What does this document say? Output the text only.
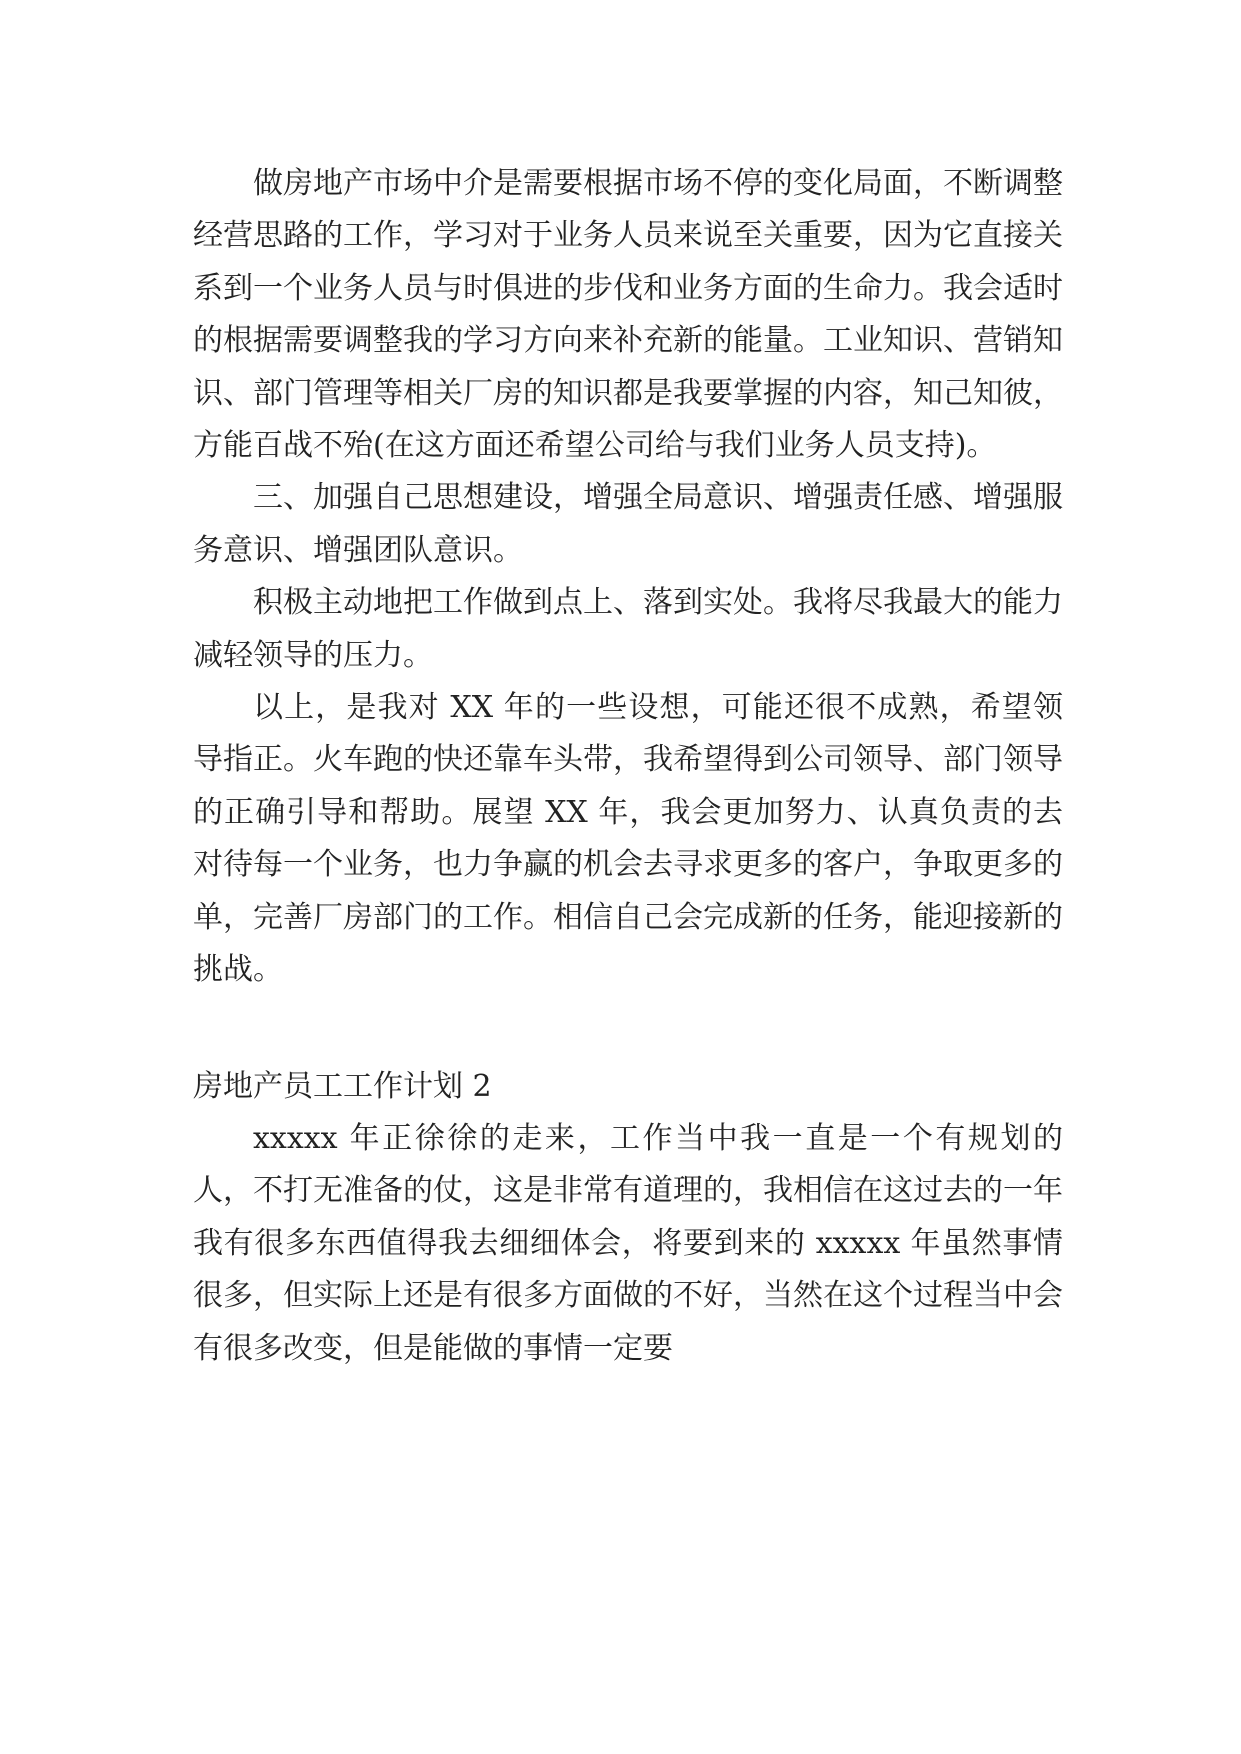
做房地产市场中介是需要根据市场不停的变化局面，不断调整经营思路的工作，学习对于业务人员来说至关重要，因为它直接关系到一个业务人员与时俱进的步伐和业务方面的生命力。我会适时的根据需要调整我的学习方向来补充新的能量。工业知识、营销知识、部门管理等相关厂房的知识都是我要掌握的内容，知己知彼，方能百战不殆(在这方面还希望公司给与我们业务人员支持)。

三、加强自己思想建设，增强全局意识、增强责任感、增强服务意识、增强团队意识。

积极主动地把工作做到点上、落到实处。我将尽我最大的能力减轻领导的压力。

以上，是我对 XX 年的一些设想，可能还很不成熟，希望领导指正。火车跑的快还靠车头带，我希望得到公司领导、部门领导的正确引导和帮助。展望 XX 年，我会更加努力、认真负责的去对待每一个业务，也力争赢的机会去寻求更多的客户，争取更多的单，完善厂房部门的工作。相信自己会完成新的任务，能迎接新的挑战。

房地产员工工作计划 2

xxxxx 年正徐徐的走来，工作当中我一直是一个有规划的人，不打无准备的仗，这是非常有道理的，我相信在这过去的一年我有很多东西值得我去细细体会，将要到来的 xxxxx 年虽然事情很多，但实际上还是有很多方面做的不好，当然在这个过程当中会有很多改变，但是能做的事情一定要
